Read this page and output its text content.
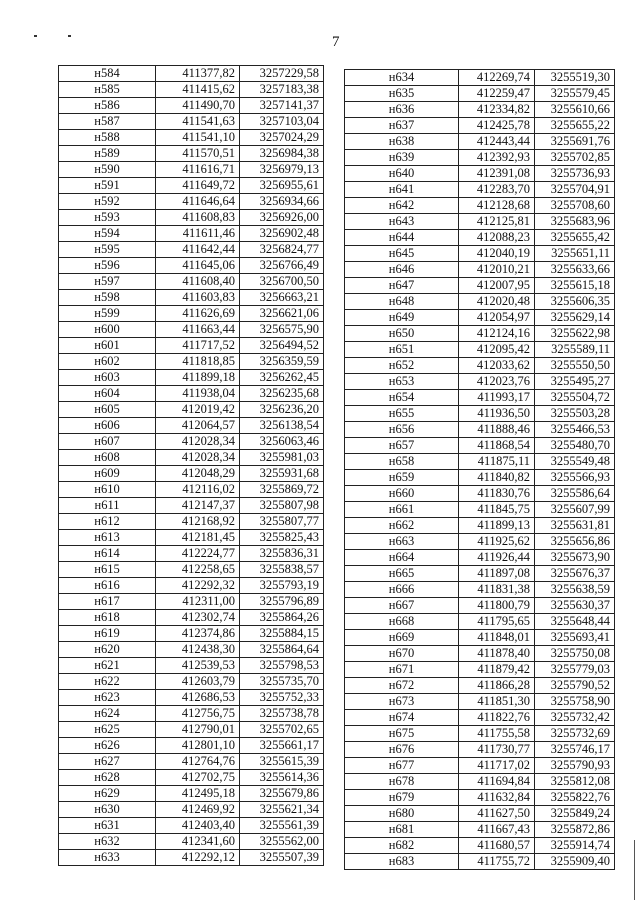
7
н584	411377,82	3257229,58
н585	411415,62	3257183,38
н586	411490,70	3257141,37
н587	411541,63	3257103,04
н588	411541,10	3257024,29
н589	411570,51	3256984,38
н590	411616,71	3256979,13
н591	411649,72	3256955,61
н592	411646,64	3256934,66
н593	411608,83	3256926,00
н594	411611,46	3256902,48
н595	411642,44	3256824,77
н596	411645,06	3256766,49
н597	411608,40	3256700,50
н598	411603,83	3256663,21
н599	411626,69	3256621,06
н600	411663,44	3256575,90
н601	411717,52	3256494,52
н602	411818,85	3256359,59
н603	411899,18	3256262,45
н604	411938,04	3256235,68
н605	412019,42	3256236,20
н606	412064,57	3256138,54
н607	412028,34	3256063,46
н608	412028,34	3255981,03
н609	412048,29	3255931,68
н610	412116,02	3255869,72
н611	412147,37	3255807,98
н612	412168,92	3255807,77
н613	412181,45	3255825,43
н614	412224,77	3255836,31
н615	412258,65	3255838,57
н616	412292,32	3255793,19
н617	412311,00	3255796,89
н618	412302,74	3255864,26
н619	412374,86	3255884,15
н620	412438,30	3255864,64
н621	412539,53	3255798,53
н622	412603,79	3255735,70
н623	412686,53	3255752,33
н624	412756,75	3255738,78
н625	412790,01	3255702,65
н626	412801,10	3255661,17
н627	412764,76	3255615,39
н628	412702,75	3255614,36
н629	412495,18	3255679,86
н630	412469,92	3255621,34
н631	412403,40	3255561,39
н632	412341,60	3255562,00
н633	412292,12	3255507,39
н634	412269,74	3255519,30
н635	412259,47	3255579,45
н636	412334,82	3255610,66
н637	412425,78	3255655,22
н638	412443,44	3255691,76
н639	412392,93	3255702,85
н640	412391,08	3255736,93
н641	412283,70	3255704,91
н642	412128,68	3255708,60
н643	412125,81	3255683,96
н644	412088,23	3255655,42
н645	412040,19	3255651,11
н646	412010,21	3255633,66
н647	412007,95	3255615,18
н648	412020,48	3255606,35
н649	412054,97	3255629,14
н650	412124,16	3255622,98
н651	412095,42	3255589,11
н652	412033,62	3255550,50
н653	412023,76	3255495,27
н654	411993,17	3255504,72
н655	411936,50	3255503,28
н656	411888,46	3255466,53
н657	411868,54	3255480,70
н658	411875,11	3255549,48
н659	411840,82	3255566,93
н660	411830,76	3255586,64
н661	411845,75	3255607,99
н662	411899,13	3255631,81
н663	411925,62	3255656,86
н664	411926,44	3255673,90
н665	411897,08	3255676,37
н666	411831,38	3255638,59
н667	411800,79	3255630,37
н668	411795,65	3255648,44
н669	411848,01	3255693,41
н670	411878,40	3255750,08
н671	411879,42	3255779,03
н672	411866,28	3255790,52
н673	411851,30	3255758,90
н674	411822,76	3255732,42
н675	411755,58	3255732,69
н676	411730,77	3255746,17
н677	411717,02	3255790,93
н678	411694,84	3255812,08
н679	411632,84	3255822,76
н680	411627,50	3255849,24
н681	411667,43	3255872,86
н682	411680,57	3255914,74
н683	411755,72	3255909,40
